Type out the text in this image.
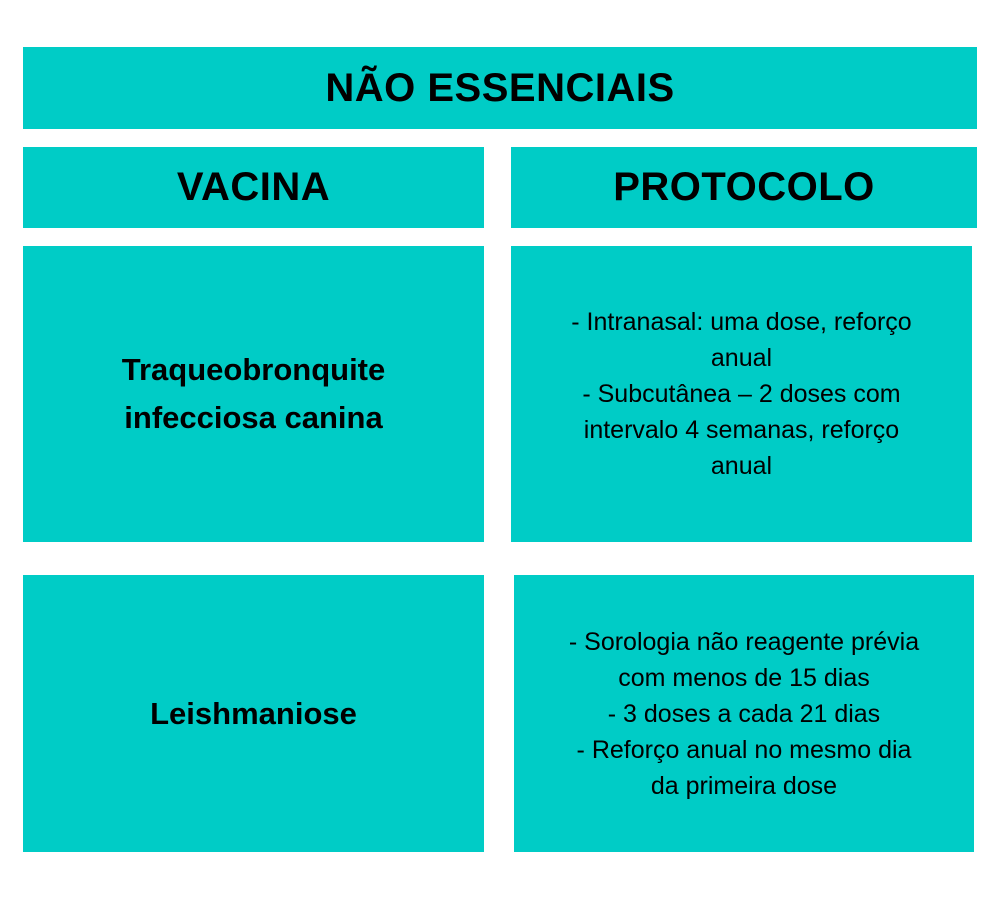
NÃO ESSENCIAIS
VACINA	PROTOCOLO
Traqueobronquite
infecciosa canina
- Intranasal: uma dose, reforço
anual
- Subcutânea – 2 doses com
intervalo 4 semanas, reforço
anual
Leishmaniose
- Sorologia não reagente prévia
com menos de 15 dias
- 3 doses a cada 21 dias
- Reforço anual no mesmo dia
da primeira dose
